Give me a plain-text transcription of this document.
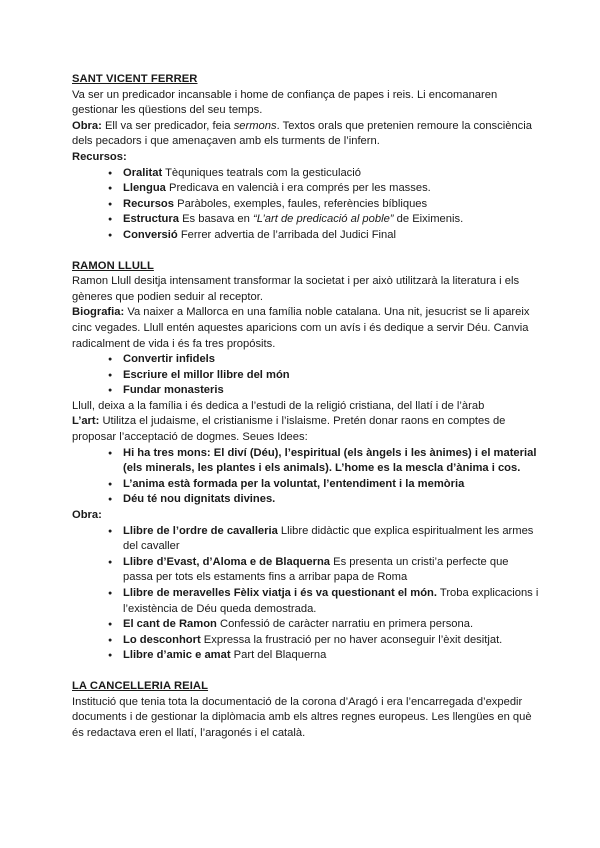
SANT VICENT FERRER

Va ser un predicador incansable i home de confiança de papes i reis. Li encomanaren gestionar les qüestions del seu temps.

Obra: Ell va ser predicador, feia sermons. Textos orals que pretenien remoure la consciència dels pecadors i que amenaçaven amb els turments de l’infern.

Recursos:

● Oralitat Tèquniques teatrals com la gesticulació
● Llengua Predicava en valencià i era comprés per les masses.
● Recursos Paràboles, exemples, faules, referències bíbliques
● Estructura Es basava en “L’art de predicació al poble” de Eiximenis.
● Conversió Ferrer advertia de l’arribada del Judici Final
RAMON LLULL

Ramon Llull desitja intensament transformar la societat i per això utilitzarà la literatura i els gèneres que podien seduir al receptor.

Biografia: Va naixer a Mallorca en una família noble catalana. Una nit, jesucrist se li apareix cinc vegades. Llull entén aquestes aparicions com un avís i és dedique a servir Déu. Canvia radicalment de vida i és fa tres propósits.

● Convertir infidels
● Escriure el millor llibre del món
● Fundar monasteris

Llull, deixa a la família i és dedica a l’estudi de la religió cristiana, del llatí i de l’àrab

L’art: Utilitza el judaisme, el cristianisme i l’islaisme. Pretén donar raons en comptes de proposar l’acceptació de dogmes. Seues Idees:

● Hi ha tres mons: El diví (Déu), l’espiritual (els àngels i les ànimes) i el material (els minerals, les plantes i els animals). L’home es la mescla d’ànima i cos.
● L’anima està formada per la voluntat, l’entendiment i la memòria
● Déu té nou dignitats divines.

Obra:

● Llibre de l’ordre de cavalleria Llibre didàctic que explica espiritualment les armes del cavaller
● Llibre d’Evast, d’Aloma e de Blaquerna Es presenta un cristi’a perfecte que passa per tots els estaments fins a arribar papa de Roma
● Llibre de meravelles Fèlix viatja i és va questionant el món. Troba explicacions i l’existència de Déu queda demostrada.
● El cant de Ramon Confessió de caràcter narratiu en primera persona.
● Lo desconhort Expressa la frustració per no haver aconseguir l’èxit desitjat.
● Llibre d’amic e amat Part del Blaquerna
LA CANCELLERIA REIAL

Institució que tenia tota la documentació de la corona d’Aragó i era l’encarregada d’expedir documents i de gestionar la diplòmacia amb els altres regnes europeus. Les llengües en què és redactava eren el llatí, l’aragonés i el català.
